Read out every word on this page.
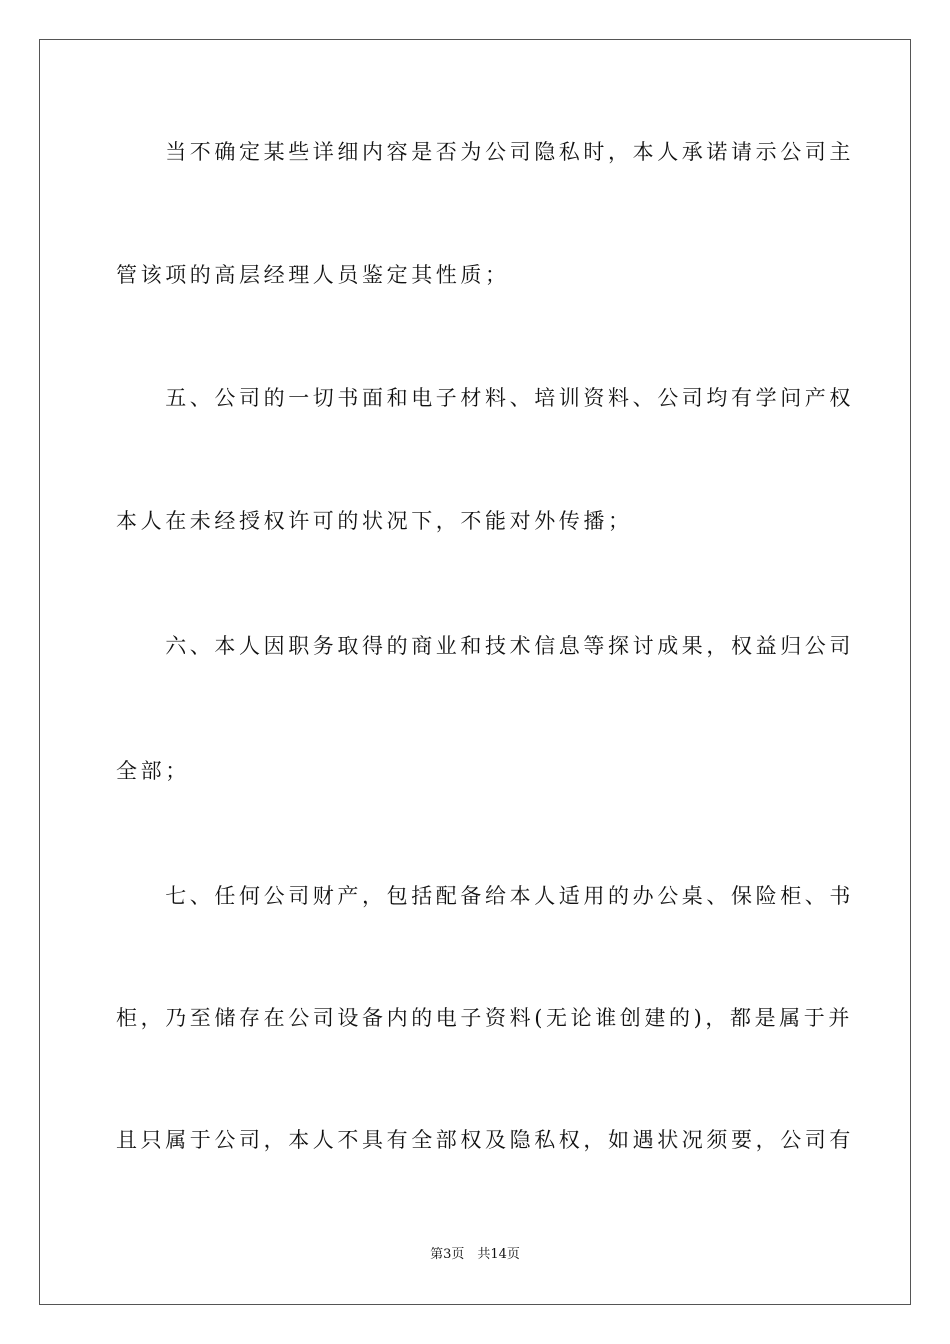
　　当不确定某些详细内容是否为公司隐私时，本人承诺请示公司主
管该项的高层经理人员鉴定其性质；
　　五、公司的一切书面和电子材料、培训资料、公司均有学问产权
本人在未经授权许可的状况下，不能对外传播；
　　六、本人因职务取得的商业和技术信息等探讨成果，权益归公司
全部；
　　七、任何公司财产，包括配备给本人适用的办公桌、保险柜、书
柜，乃至储存在公司设备内的电子资料(无论谁创建的)，都是属于并
且只属于公司，本人不具有全部权及隐私权，如遇状况须要，公司有
第3页　共14页
